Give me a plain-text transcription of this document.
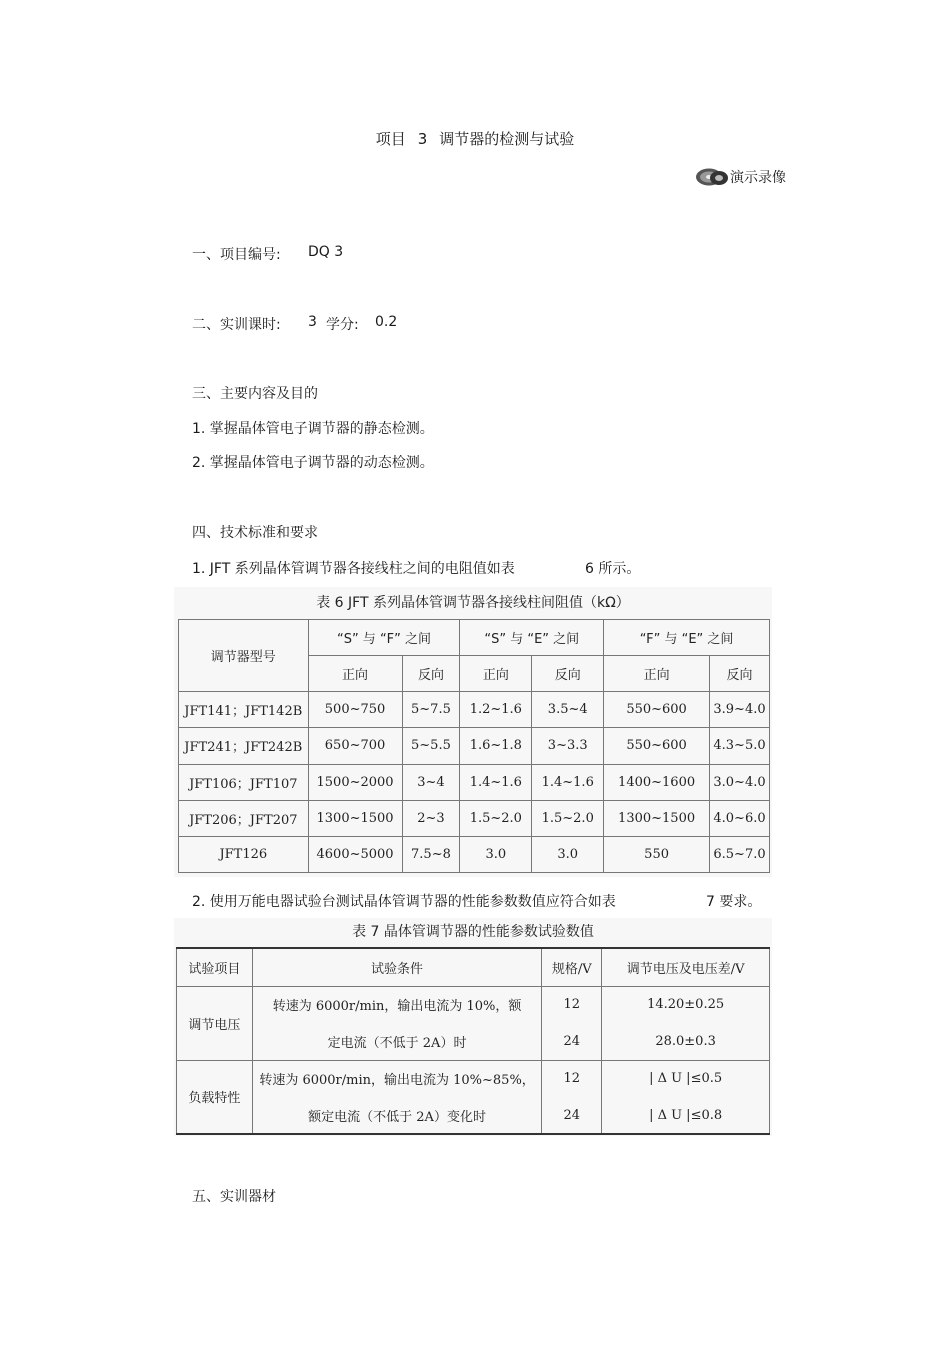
项目 3 调节器的检测与试验
演示录像
一、项目编号: DQ 3
二、实训课时: 3 学分: 0.2
三、主要内容及目的
1. 掌握晶体管电子调节器的静态检测。
2. 掌握晶体管电子调节器的动态检测。
四、技术标准和要求
1. JFT 系列晶体管调节器各接线柱之间的电阻值如表	6 所示。
表 6 JFT 系列晶体管调节器各接线柱间阻值（kΩ）
调节器型号	“S” 与 “F” 之间		“S” 与 “E” 之间		“F” 与 “E” 之间	
	正向	反向	正向	反向	正向	反向
JFT141；JFT142B	500~750	5~7.5	1.2~1.6	3.5~4	550~600	3.9~4.0
JFT241；JFT242B	650~700	5~5.5	1.6~1.8	3~3.3	550~600	4.3~5.0
JFT106；JFT107	1500~2000	3~4	1.4~1.6	1.4~1.6	1400~1600	3.0~4.0
JFT206；JFT207	1300~1500	2~3	1.5~2.0	1.5~2.0	1300~1500	4.0~6.0
JFT126	4600~5000	7.5~8	3.0	3.0	550	6.5~7.0
2. 使用万能电器试验台测试晶体管调节器的性能参数数值应符合如表	7 要求。
表 7 晶体管调节器的性能参数试验数值
试验项目	试验条件	规格/V	调节电压及电压差/V
调节电压	转速为 6000r/min，输出电流为 10%，额	12	14.20±0.25
	定电流（不低于 2A）时	24	28.0±0.3
负载特性	转速为 6000r/min，输出电流为 10%~85%，	12	| Δ U |≤0.5
	额定电流（不低于 2A）变化时	24	| Δ U |≤0.8
五、实训器材
